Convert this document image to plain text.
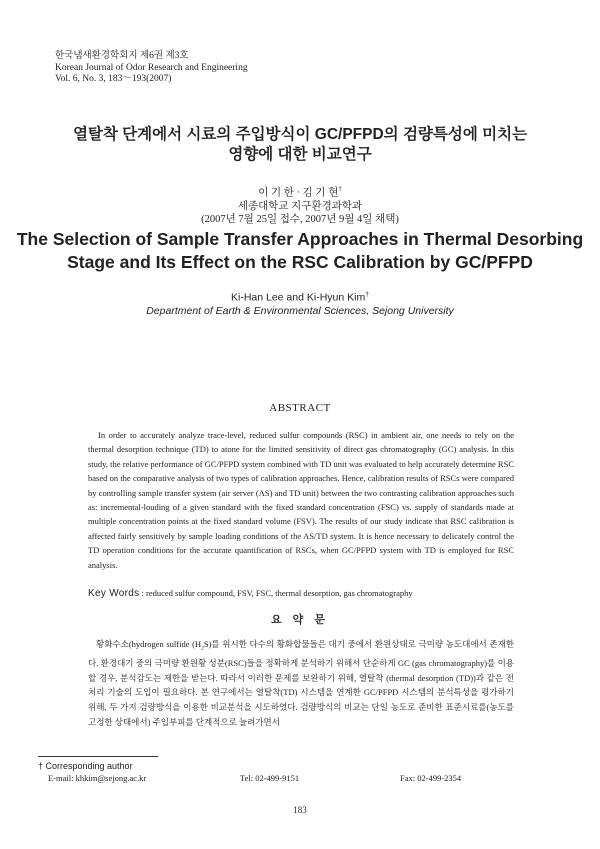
한국냄새환경학회지 제6권 제3호
Korean Journal of Odor Research and Engineering
Vol. 6, No. 3, 183～193(2007)
열탈착 단계에서 시료의 주입방식이 GC/PFPD의 검량특성에 미치는
영향에 대한 비교연구
이 기 한 · 김 기 현†
세종대학교 지구환경과학과
(2007년 7월 25일 접수, 2007년 9월 4일 채택)
The Selection of Sample Transfer Approaches in Thermal Desorbing
Stage and Its Effect on the RSC Calibration by GC/PFPD
Ki-Han Lee and Ki-Hyun Kim†
Department of Earth & Environmental Sciences, Sejong University
ABSTRACT

In order to accurately analyze trace-level, reduced sulfur compounds (RSC) in ambient air, one needs to rely on the thermal desorption technique (TD) to atone for the limited sensitivity of direct gas chromatography (GC) analysis. In this study, the relative performance of GC/PFPD system combined with TD unit was evaluated to help accurately determine RSC based on the comparative analysis of two types of calibration approaches. Hence, calibration results of RSCs were compared by controlling sample transfer system (air server (AS) and TD unit) between the two contrasting calibration approaches such as: incremental-louding of a given standard with the fixed standard concentration (FSC) vs. supply of standards made at multiple concentration points at the fixed standard volume (FSV). The results of our study indicate that RSC calibration is affected fairly sensitively by sample loading conditions of the AS/TD system. It is hence necessary to delicately control the TD operation conditions for the accurate quantification of RSCs, when GC/PFPD system with TD is employed for RSC analysis.

Key Words : reduced sulfur compound, FSV, FSC, thermal desorption, gas chromatography
요 약 문

황화수소(hydrogen sulfide $(H_2S)$를 위시한 다수의 황화합물들은 대기 중에서 환원상태로 극미량 농도대에서 존재한다. 환경대기 중의 극미량 환원황 성분(RSC)들을 정확하게 분석하기 위해서 단순하게 GC (gas chromatography)를 이용할 경우, 분석감도는 제한을 받는다. 따라서 이러한 문제를 보완하기 위해, 열탈착 (thermal desorption (TD))과 같은 전처리 기술의 도입이 필요하다. 본 연구에서는 열탈착(TD) 시스템을 연계한 GC/PFPD 시스템의 분석특성을 평가하기 위해, 두 가지 검량방식을 이용한 비교분석을 시도하였다. 검량방식의 비교는 단일 농도로 준비한 표준시료를(농도를 고정한 상태에서) 주입부피를 단계적으로 늘려가면서

† Corresponding author
E-mail: khkim@sejong.ac.kr	Tel: 02-499-9151	Fax: 02-499-2354
183
